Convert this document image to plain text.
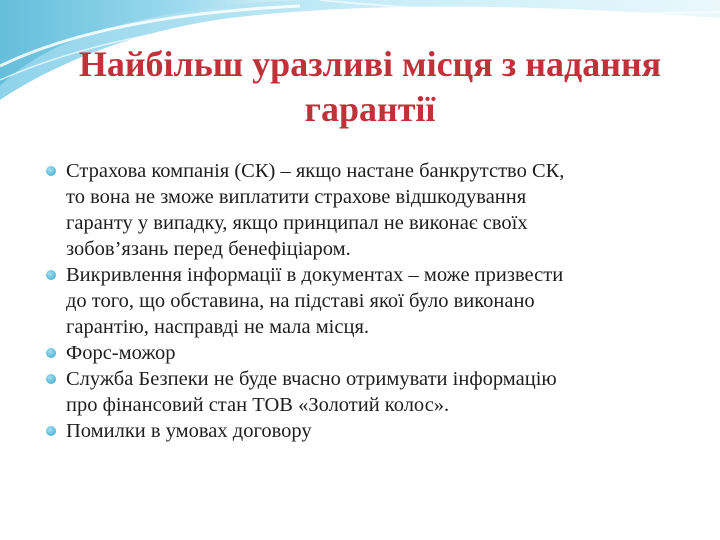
Найбільш уразливі місця з надання гарантії
Страхова компанія (СК) – якщо настане банкрутство СК,
то вона не зможе виплатити страхове відшкодування
гаранту у випадку, якщо принципал не виконає своїх
зобов’язань перед бенефіціаром.
Викривлення інформації в документах – може призвести
до того, що обставина, на підставі якої було виконано
гарантію, насправді не мала місця.
Форс-можор
Служба Безпеки не буде вчасно отримувати інформацію
про фінансовий стан ТОВ «Золотий колос».
Помилки в умовах договору
